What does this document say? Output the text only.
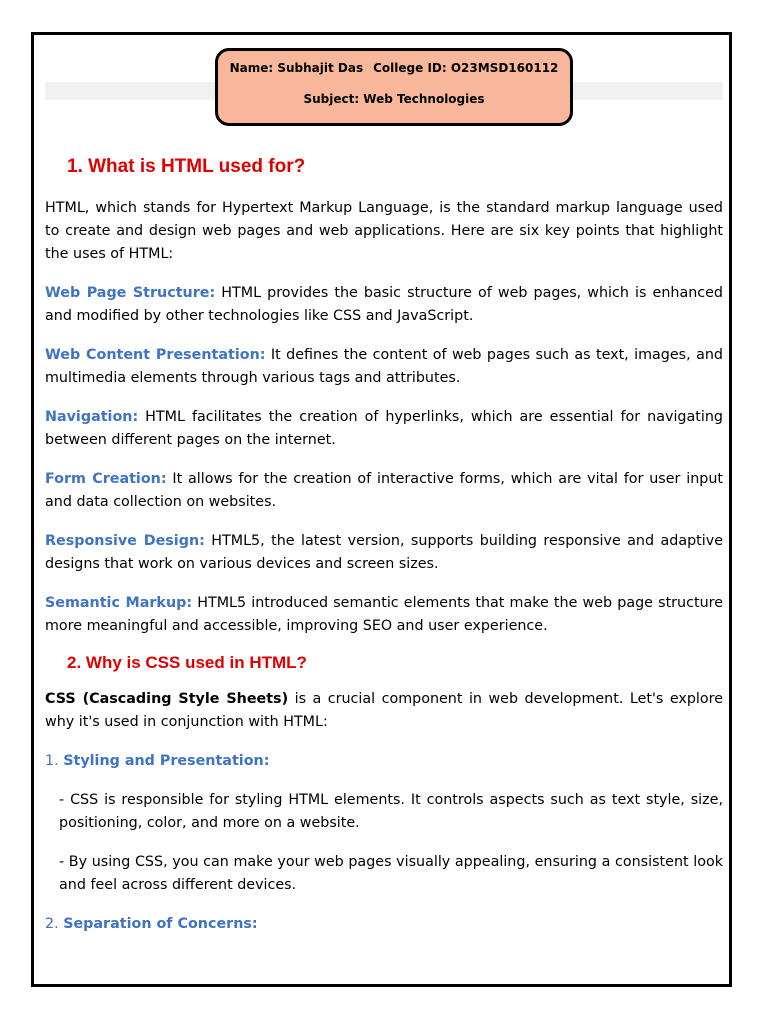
Name: Subhajit Das College ID: O23MSD160112
Subject: Web Technologies
1. What is HTML used for?

HTML, which stands for Hypertext Markup Language, is the standard markup language used to create and design web pages and web applications. Here are six key points that highlight the uses of HTML:

Web Page Structure: HTML provides the basic structure of web pages, which is enhanced and modified by other technologies like CSS and JavaScript.

Web Content Presentation: It defines the content of web pages such as text, images, and multimedia elements through various tags and attributes.

Navigation: HTML facilitates the creation of hyperlinks, which are essential for navigating between different pages on the internet.

Form Creation: It allows for the creation of interactive forms, which are vital for user input and data collection on websites.

Responsive Design: HTML5, the latest version, supports building responsive and adaptive designs that work on various devices and screen sizes.

Semantic Markup: HTML5 introduced semantic elements that make the web page structure more meaningful and accessible, improving SEO and user experience.

2. Why is CSS used in HTML?

CSS (Cascading Style Sheets) is a crucial component in web development. Let's explore why it's used in conjunction with HTML:

1. Styling and Presentation:

- CSS is responsible for styling HTML elements. It controls aspects such as text style, size, positioning, color, and more on a website.

- By using CSS, you can make your web pages visually appealing, ensuring a consistent look and feel across different devices.

2. Separation of Concerns:
